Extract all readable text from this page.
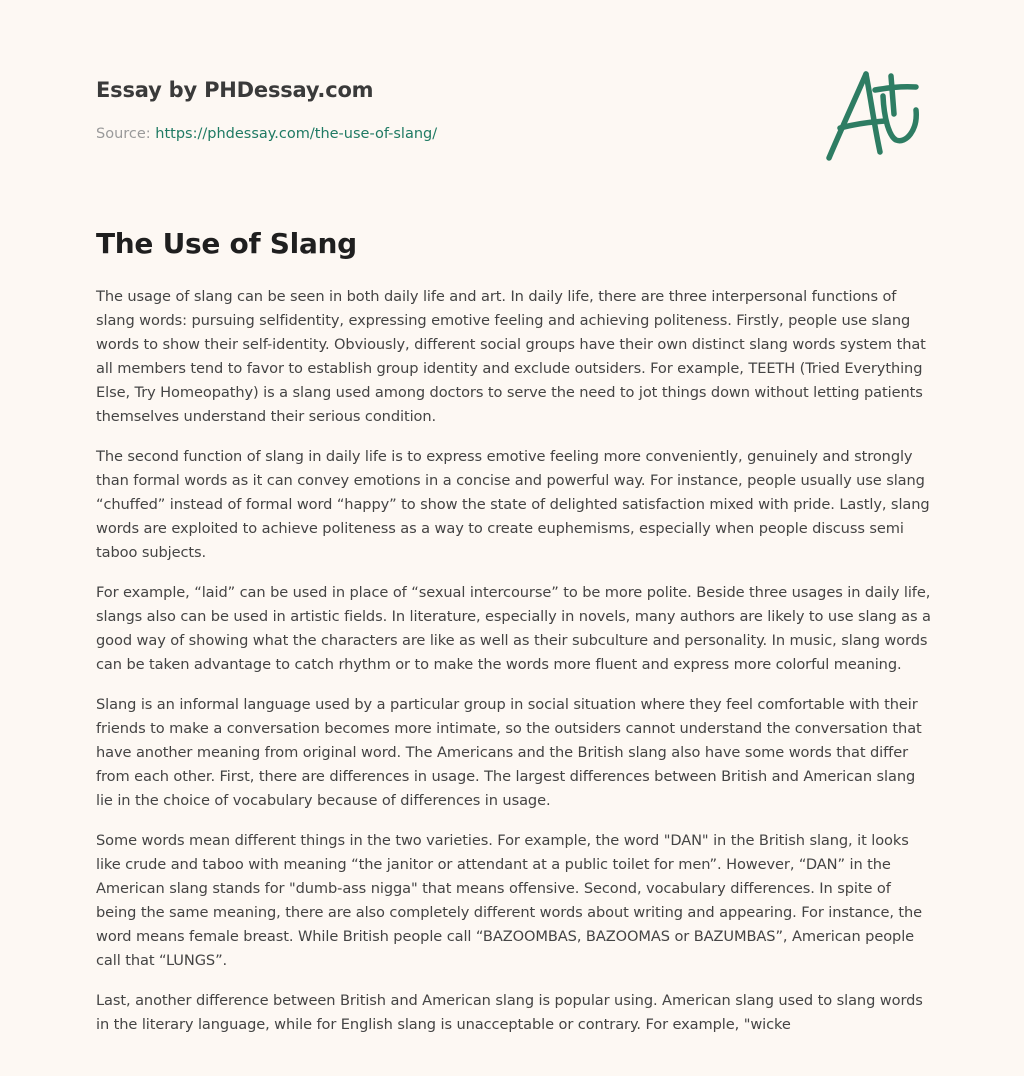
Essay by PHDessay.com
Source: https://phdessay.com/the-use-of-slang/
The Use of Slang

The usage of slang can be seen in both daily life and art. In daily life, there are three interpersonal functions of slang words: pursuing selfidentity, expressing emotive feeling and achieving politeness. Firstly, people use slang words to show their self-identity. Obviously, different social groups have their own distinct slang words system that all members tend to favor to establish group identity and exclude outsiders. For example, TEETH (Tried Everything Else, Try Homeopathy) is a slang used among doctors to serve the need to jot things down without letting patients themselves understand their serious condition.

The second function of slang in daily life is to express emotive feeling more conveniently, genuinely and strongly than formal words as it can convey emotions in a concise and powerful way. For instance, people usually use slang “chuffed” instead of formal word “happy” to show the state of delighted satisfaction mixed with pride. Lastly, slang words are exploited to achieve politeness as a way to create euphemisms, especially when people discuss semi taboo subjects.

For example, “laid” can be used in place of “sexual intercourse” to be more polite. Beside three usages in daily life, slangs also can be used in artistic fields. In literature, especially in novels, many authors are likely to use slang as a good way of showing what the characters are like as well as their subculture and personality. In music, slang words can be taken advantage to catch rhythm or to make the words more fluent and express more colorful meaning.

Slang is an informal language used by a particular group in social situation where they feel comfortable with their friends to make a conversation becomes more intimate, so the outsiders cannot understand the conversation that have another meaning from original word. The Americans and the British slang also have some words that differ from each other. First, there are differences in usage. The largest differences between British and American slang lie in the choice of vocabulary because of differences in usage.

Some words mean different things in the two varieties. For example, the word "DAN" in the British slang, it looks like crude and taboo with meaning “the janitor or attendant at a public toilet for men”. However, “DAN” in the American slang stands for "dumb-ass nigga" that means offensive. Second, vocabulary differences. In spite of being the same meaning, there are also completely different words about writing and appearing. For instance, the word means female breast. While British people call “BAZOOMBAS, BAZOOMAS or BAZUMBAS”, American people call that “LUNGS”.

Last, another difference between British and American slang is popular using. American slang used to slang words in the literary language, while for English slang is unacceptable or contrary. For example, "wicke
